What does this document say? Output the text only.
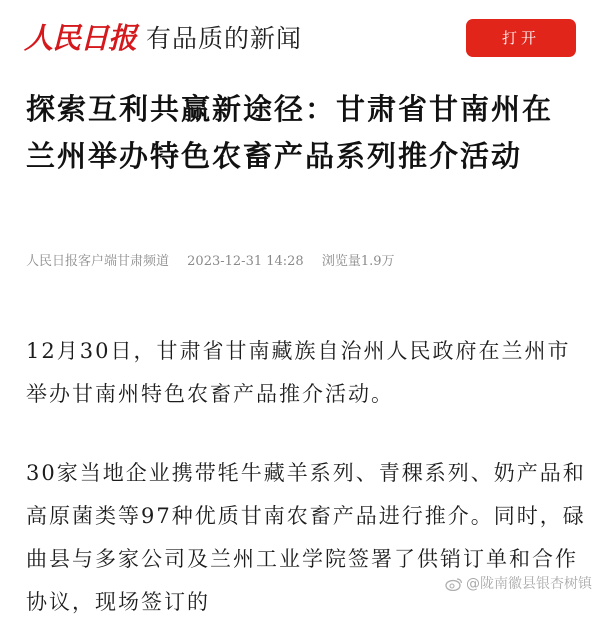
人民日报 有品质的新闻	打开
探索互利共赢新途径：甘肃省甘南州在兰州举办特色农畜产品系列推介活动
人民日报客户端甘肃频道 2023-12-31 14:28 浏览量1.9万

12月30日，甘肃省甘南藏族自治州人民政府在兰州市举办甘南州特色农畜产品推介活动。

30家当地企业携带牦牛藏羊系列、青稞系列、奶产品和高原菌类等97种优质甘南农畜产品进行推介。同时，碌曲县与多家公司及兰州工业学院签署了供销订单和合作协议，现场签订的

@陇南徽县银杏树镇
